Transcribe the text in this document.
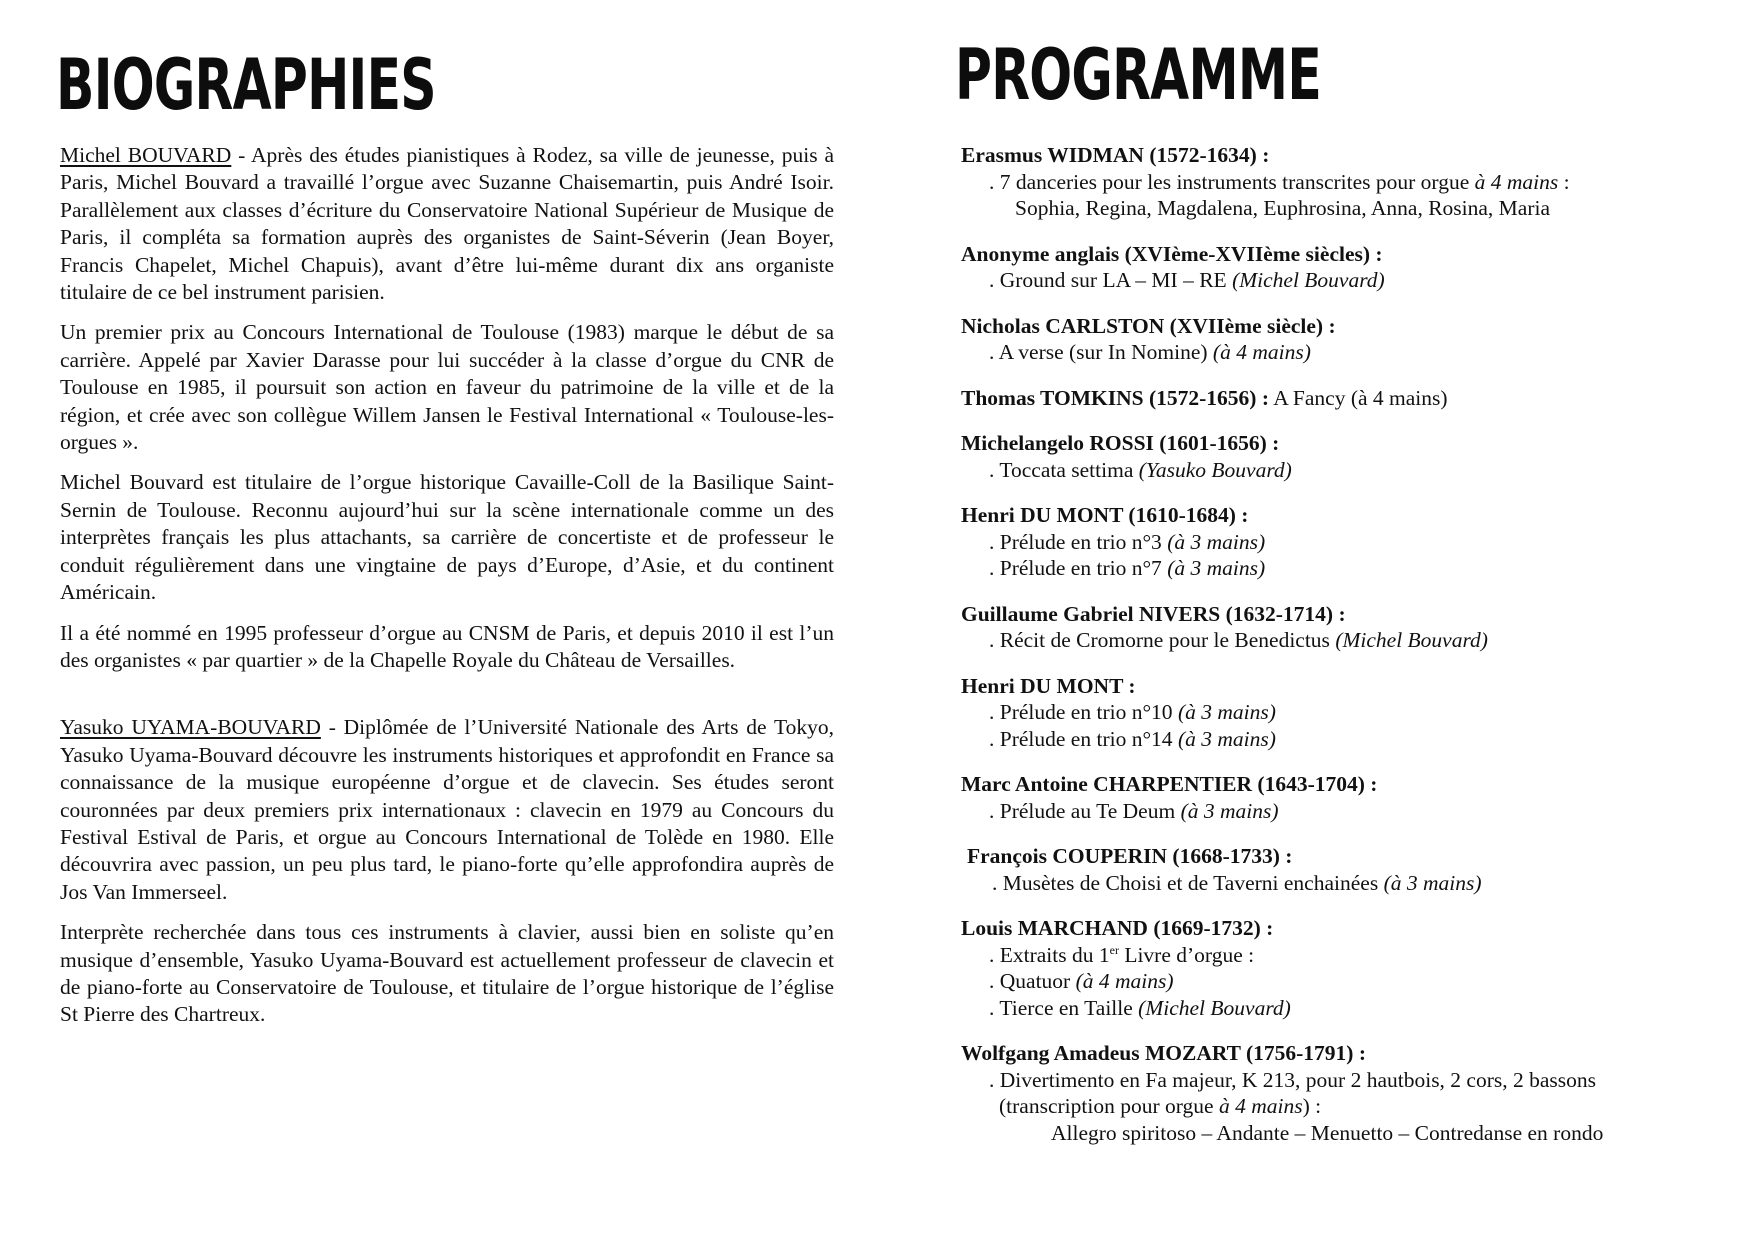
BIOGRAPHIES

Michel BOUVARD - Après des études pianistiques à Rodez, sa ville de jeunesse, puis à Paris, Michel Bouvard a travaillé l’orgue avec Suzanne Chaisemartin, puis André Isoir. Parallèlement aux classes d’écriture du Conservatoire National Supérieur de Musique de Paris, il compléta sa formation auprès des organistes de Saint-Séverin (Jean Boyer, Francis Chapelet, Michel Chapuis), avant d’être lui-même durant dix ans organiste titulaire de ce bel instrument parisien.

Un premier prix au Concours International de Toulouse (1983) marque le début de sa carrière. Appelé par Xavier Darasse pour lui succéder à la classe d’orgue du CNR de Toulouse en 1985, il poursuit son action en faveur du patrimoine de la ville et de la région, et crée avec son collègue Willem Jansen le Festival International « Toulouse-les-orgues ».

Michel Bouvard est titulaire de l’orgue historique Cavaille-Coll de la Basilique Saint-Sernin de Toulouse. Reconnu aujourd’hui sur la scène internationale comme un des interprètes français les plus attachants, sa carrière de concertiste et de professeur le conduit régulièrement dans une vingtaine de pays d’Europe, d’Asie, et du continent Américain.

Il a été nommé en 1995 professeur d’orgue au CNSM de Paris, et depuis 2010 il est l’un des organistes « par quartier » de la Chapelle Royale du Château de Versailles.

Yasuko UYAMA-BOUVARD - Diplômée de l’Université Nationale des Arts de Tokyo, Yasuko Uyama-Bouvard découvre les instruments historiques et approfondit en France sa connaissance de la musique européenne d’orgue et de clavecin. Ses études seront couronnées par deux premiers prix internationaux : clavecin en 1979 au Concours du Festival Estival de Paris, et orgue au Concours International de Tolède en 1980. Elle découvrira avec passion, un peu plus tard, le piano-forte qu’elle approfondira auprès de Jos Van Immerseel.

Interprète recherchée dans tous ces instruments à clavier, aussi bien en soliste qu’en musique d’ensemble, Yasuko Uyama-Bouvard est actuellement professeur de clavecin et de piano-forte au Conservatoire de Toulouse, et titulaire de l’orgue historique de l’église St Pierre des Chartreux.

PROGRAMME
Erasmus WIDMAN (1572-1634) :
. 7 danceries pour les instruments transcrites pour orgue à 4 mains :
Sophia, Regina, Magdalena, Euphrosina, Anna, Rosina, Maria
Anonyme anglais (XVIème-XVIIème siècles) :
. Ground sur LA – MI – RE (Michel Bouvard)
Nicholas CARLSTON (XVIIème siècle) :
. A verse (sur In Nomine) (à 4 mains)
Thomas TOMKINS (1572-1656) : A Fancy (à 4 mains)
Michelangelo ROSSI (1601-1656) :
. Toccata settima (Yasuko Bouvard)
Henri DU MONT (1610-1684) :
. Prélude en trio n°3 (à 3 mains)
. Prélude en trio n°7 (à 3 mains)
Guillaume Gabriel NIVERS (1632-1714) :
. Récit de Cromorne pour le Benedictus (Michel Bouvard)
Henri DU MONT :
. Prélude en trio n°10 (à 3 mains)
. Prélude en trio n°14 (à 3 mains)
Marc Antoine CHARPENTIER (1643-1704) :
. Prélude au Te Deum (à 3 mains)
François COUPERIN (1668-1733) :
. Musètes de Choisi et de Taverni enchainées (à 3 mains)
Louis MARCHAND (1669-1732) :
. Extraits du 1er Livre d’orgue :
. Quatuor (à 4 mains)
. Tierce en Taille (Michel Bouvard)
Wolfgang Amadeus MOZART (1756-1791) :
. Divertimento en Fa majeur, K 213, pour 2 hautbois, 2 cors, 2 bassons
(transcription pour orgue à 4 mains) :
Allegro spiritoso – Andante – Menuetto – Contredanse en rondo
